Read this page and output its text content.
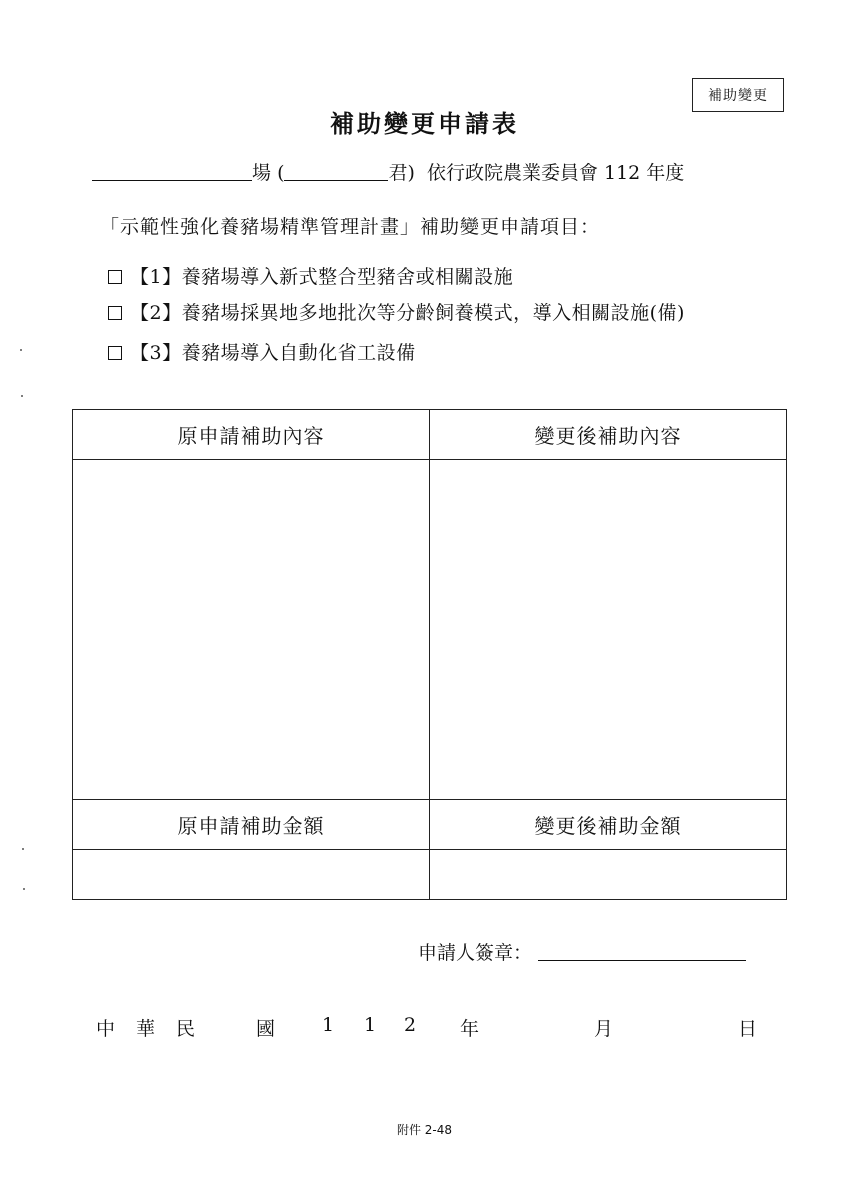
補助變更
補助變更申請表
場 (	君) 依行政院農業委員會 112 年度
「示範性強化養豬場精準管理計畫」補助變更申請項目：
【1】養豬場導入新式整合型豬舍或相關設施
【2】養豬場採異地多地批次等分齡飼養模式，導入相關設施(備)
【3】養豬場導入自動化省工設備
原申請補助內容	變更後補助內容

原申請補助金額	變更後補助金額

申請人簽章：
中 華 民	國 1 1 2 年	月	日
附件 2-48
